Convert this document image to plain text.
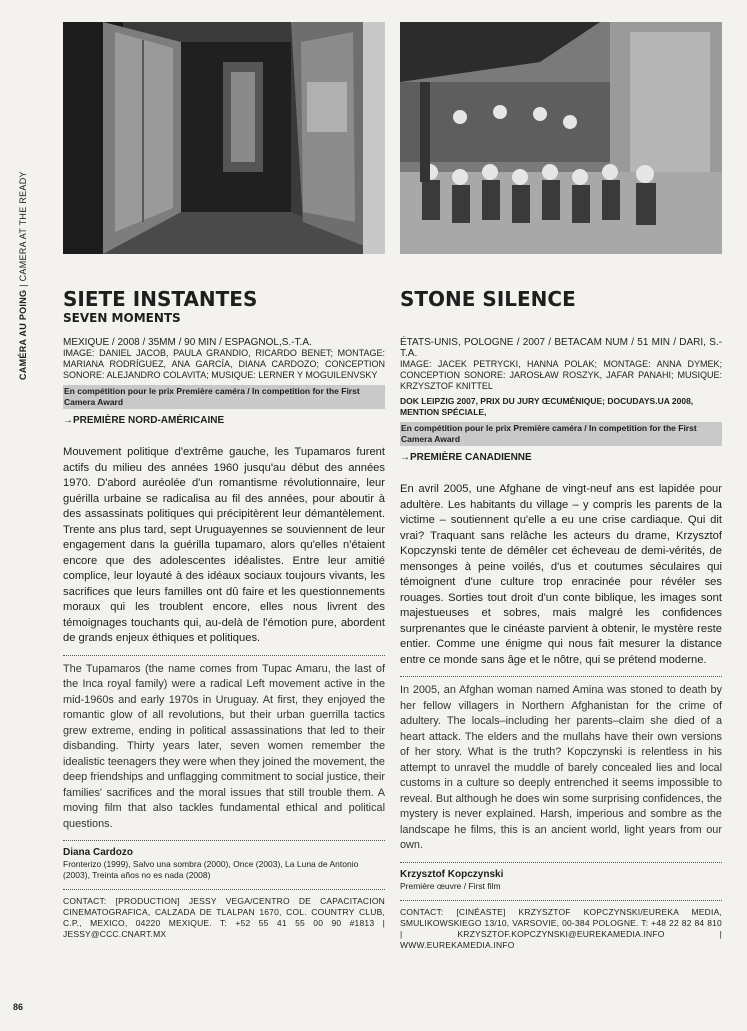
CAMÉRA AU POING | CAMERA AT THE READY
SIETE INSTANTES
SEVEN MOMENTS
MEXIQUE / 2008 / 35MM / 90 MIN / ESPAGNOL,S.-T.A.
IMAGE: DANIEL JACOB, PAULA GRANDIO, RICARDO BENET; MONTAGE: MARIANA RODRÍGUEZ, ANA GARCÍA, DIANA CARDOZO; CONCEPTION SONORE: ALEJANDRO COLAVITA; MUSIQUE: LERNER Y MOGUILENVSKY
En compétition pour le prix Première caméra / In competition for the First Camera Award
→PREMIÈRE NORD-AMÉRICAINE
Mouvement politique d'extrême gauche, les Tupamaros furent actifs du milieu des années 1960 jusqu'au début des années 1970. D'abord auréolée d'un romantisme révolutionnaire, leur guérilla urbaine se radicalisa au fil des années, pour aboutir à des assassinats politiques qui précipitèrent leur démantèlement. Trente ans plus tard, sept Uruguayennes se souviennent de leur engagement dans la guérilla tupamaro, alors qu'elles n'étaient encore que des adolescentes idéalistes. Entre leur amitié complice, leur loyauté à des idéaux sociaux toujours vivants, les sacrifices que leurs familles ont dû faire et les questionnements moraux qui les troublent encore, elles nous livrent des témoignages touchants qui, au-delà de l'émotion pure, abordent de grands enjeux éthiques et politiques.
The Tupamaros (the name comes from Tupac Amaru, the last of the Inca royal family) were a radical Left movement active in the mid-1960s and early 1970s in Uruguay. At first, they enjoyed the romantic glow of all revolutions, but their urban guerrilla tactics grew extreme, ending in political assassinations that led to their disbanding. Thirty years later, seven women remember the idealistic teenagers they were when they joined the movement, the deep friendships and unflagging commitment to social justice, their families' sacrifices and the moral issues that still trouble them. A moving film that also tackles fundamental ethical and political questions.
Diana Cardozo
Fronterizo (1999), Salvo una sombra (2000), Once (2003), La Luna de Antonio (2003), Treinta años no es nada (2008)
CONTACT: [PRODUCTION] JESSY VEGA/CENTRO DE CAPACITACION CINEMATOGRAFICA, CALZADA DE TLALPAN 1670, COL. COUNTRY CLUB, C.P., MEXICO, 04220 MEXIQUE. T: +52 55 41 55 00 90 #1813 | JESSY@CCC.CNART.MX
STONE SILENCE

ÉTATS-UNIS, POLOGNE / 2007 / BETACAM NUM / 51 MIN / DARI, S.-T.A.
IMAGE: JACEK PETRYCKI, HANNA POLAK; MONTAGE: ANNA DYMEK; CONCEPTION SONORE: JAROSŁAW ROSZYK, JAFAR PANAHI; MUSIQUE: KRZYSZTOF KNITTEL
DOK LEIPZIG 2007, PRIX DU JURY ŒCUMÉNIQUE; DOCUDAYS.UA 2008, MENTION SPÉCIALE,
En compétition pour le prix Première caméra / In competition for the First Camera Award
→PREMIÈRE CANADIENNE
En avril 2005, une Afghane de vingt-neuf ans est lapidée pour adultère. Les habitants du village – y compris les parents de la victime – soutiennent qu'elle a eu une crise cardiaque. Qui dit vrai? Traquant sans relâche les acteurs du drame, Krzysztof Kopczynski tente de démêler cet écheveau de demi-vérités, de mensonges à peine voilés, d'us et coutumes séculaires qui témoignent d'une culture trop enracinée pour révéler ses rouages. Sorties tout droit d'un conte biblique, les images sont majestueuses et sobres, mais malgré les confidences surprenantes que le cinéaste parvient à obtenir, le mystère reste entier. Comme une énigme qui nous fait mesurer la distance entre ce monde sans âge et le nôtre, qui se prétend moderne.
In 2005, an Afghan woman named Amina was stoned to death by her fellow villagers in Northern Afghanistan for the crime of adultery. The locals–including her parents–claim she died of a heart attack. The elders and the mullahs have their own versions of her story. What is the truth? Kopczynski is relentless in his attempt to unravel the muddle of barely concealed lies and local customs in a culture so deeply entrenched it seems impossible to reveal. But although he does win some surprising confidences, the mystery is never explained. Harsh, imperious and sombre as the landscape he films, this is an ancient world, light years from our own.
Krzysztof Kopczynski
Première œuvre / First film
CONTACT: [CINÉASTE] KRZYSZTOF KOPCZYNSKI/EUREKA MEDIA, SMULIKOWSKIEGO 13/10, VARSOVIE, 00-384 POLOGNE. T: +48 22 82 84 810 | KRZYSZTOF.KOPCZYNSKI@EUREKAMEDIA.INFO | WWW.EUREKAMEDIA.INFO
86
